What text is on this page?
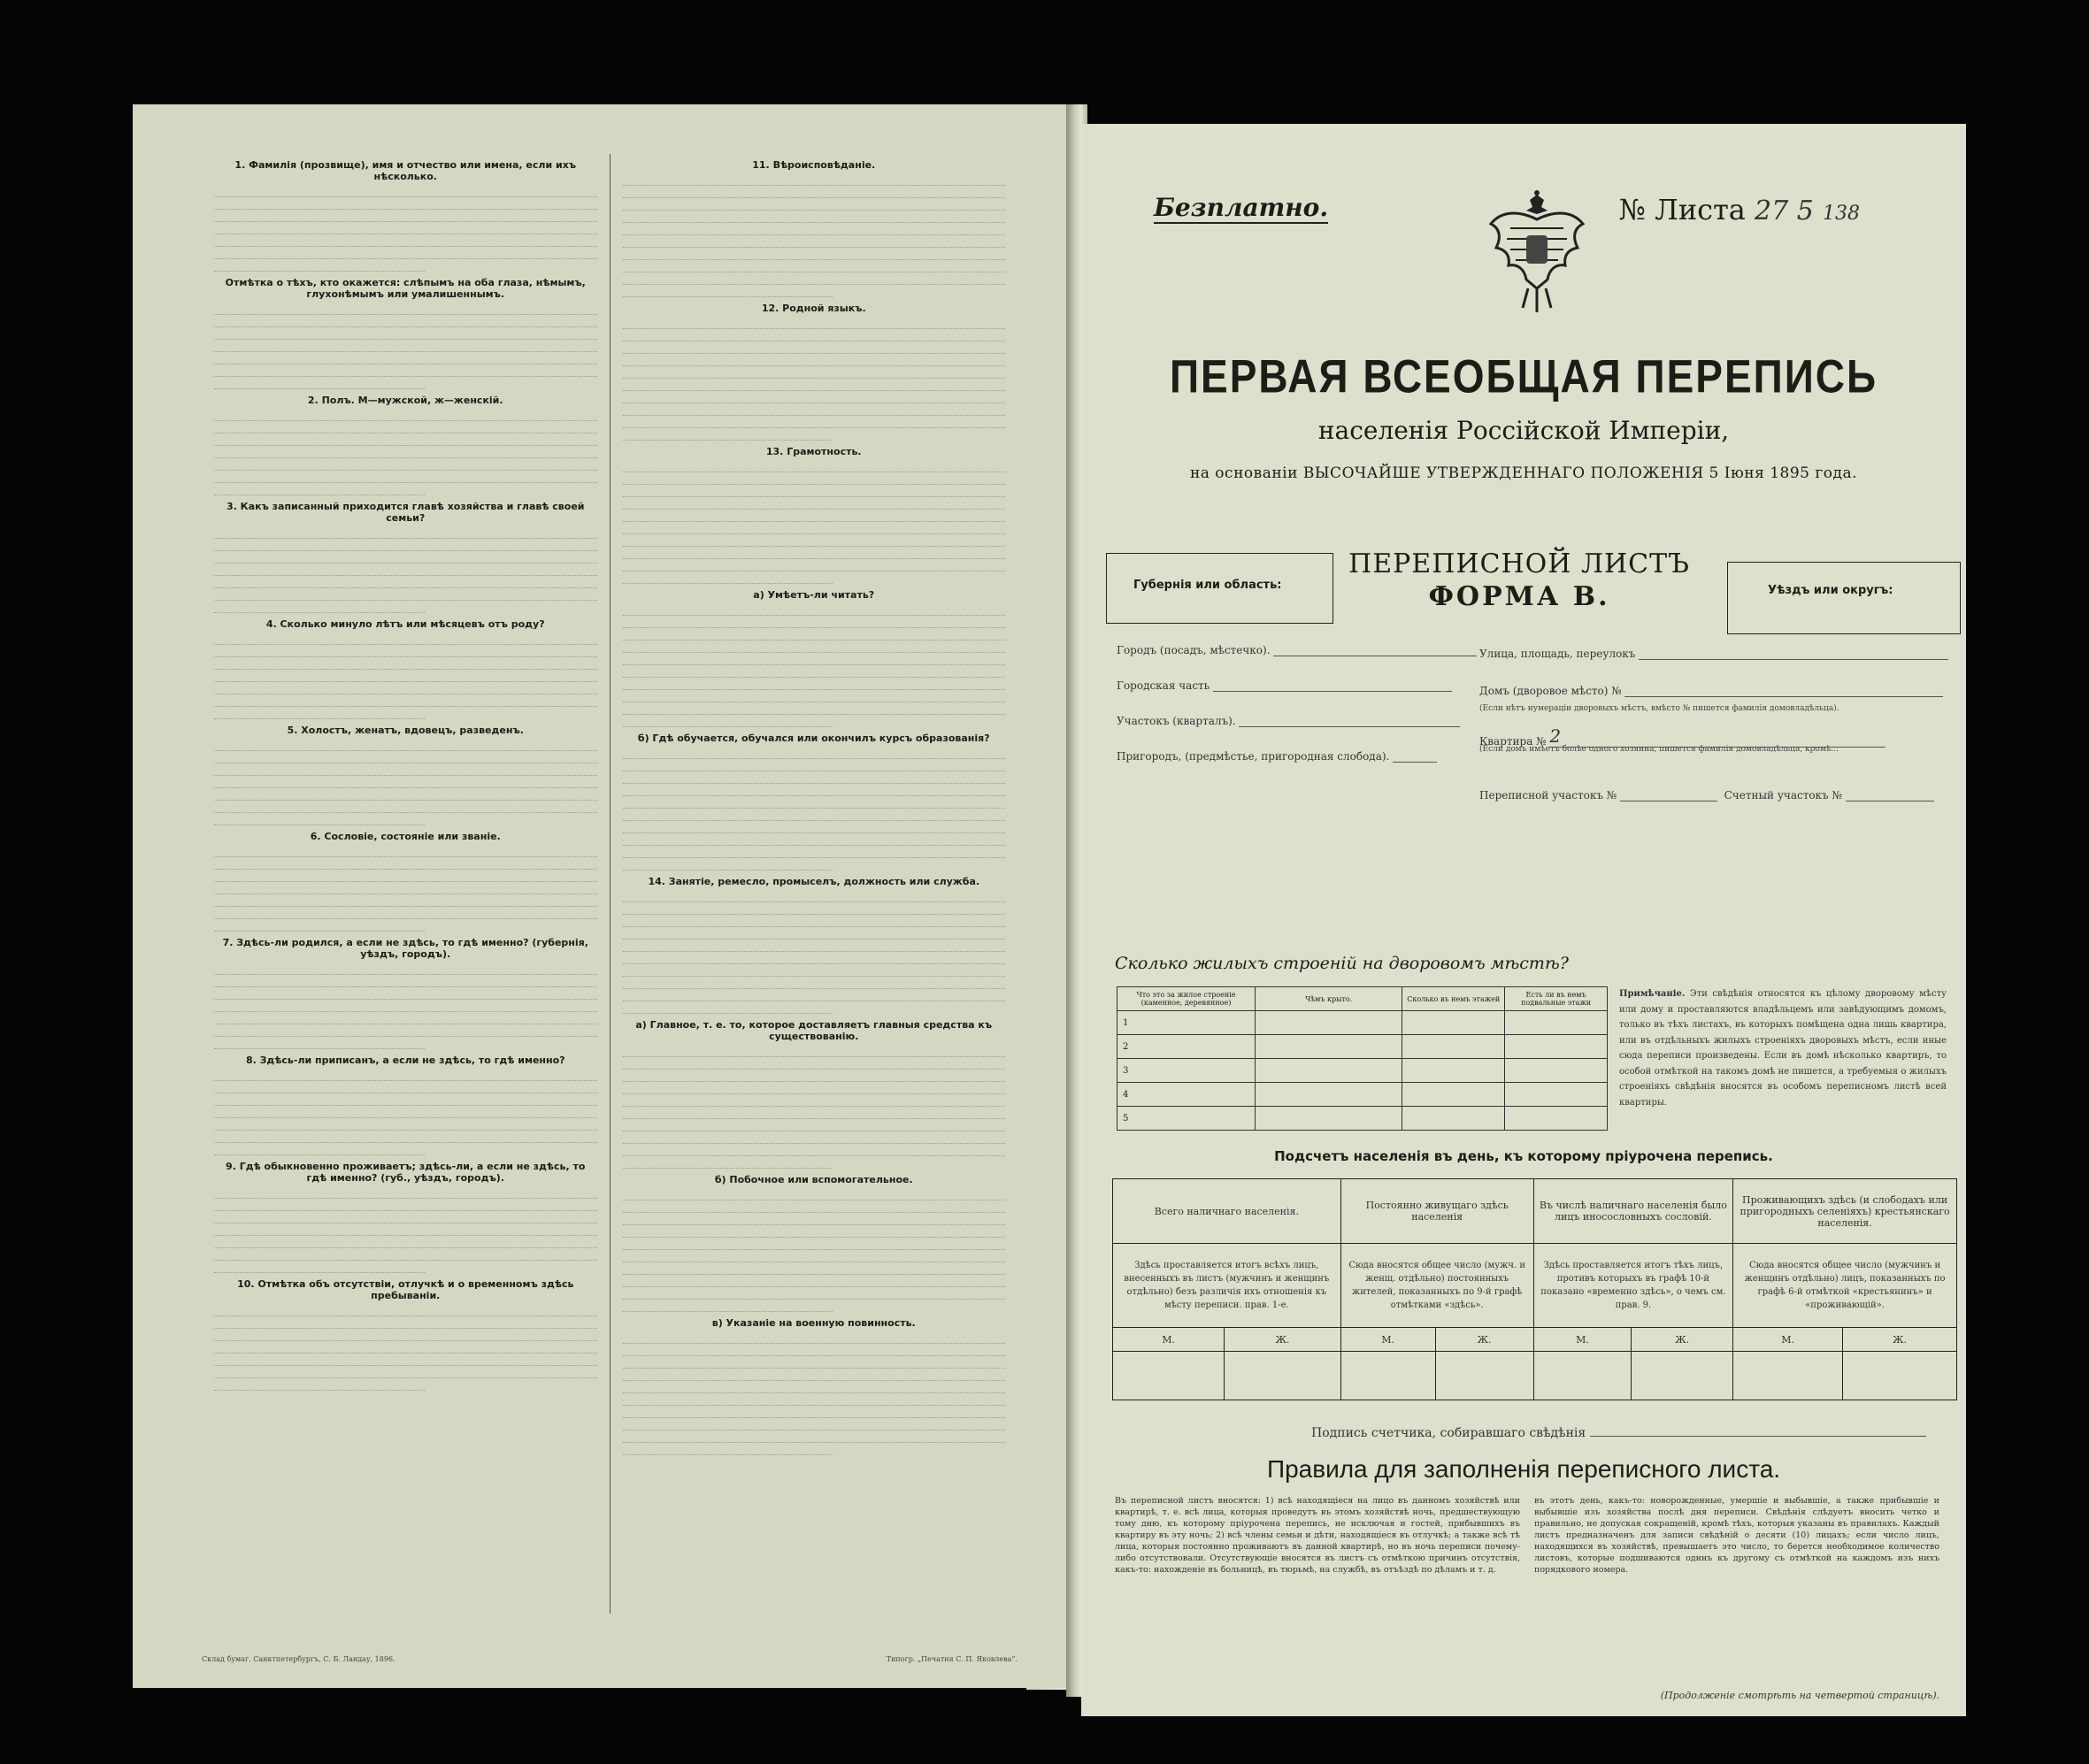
1. Фамилія (прозвище), имя и отчество или имена, если ихъ нѣсколько.
Отмѣтка о тѣхъ, кто окажется: слѣпымъ на оба глаза, нѣмымъ, глухонѣмымъ или умалишеннымъ.
2. Полъ. М—мужской, ж—женскій.
3. Какъ записанный приходится главѣ хозяйства и главѣ своей семьи?
4. Сколько минуло лѣтъ или мѣсяцевъ отъ роду?
5. Холостъ, женатъ, вдовецъ, разведенъ.
6. Сословіе, состояніе или званіе.
7. Здѣсь-ли родился, а если не здѣсь, то гдѣ именно? (губернія, уѣздъ, городъ).
8. Здѣсь-ли приписанъ, а если не здѣсь, то гдѣ именно?
9. Гдѣ обыкновенно проживаетъ; здѣсь-ли, а если не здѣсь, то гдѣ именно? (губ., уѣздъ, городъ).
10. Отмѣтка объ отсутствіи, отлучкѣ и о временномъ здѣсь пребываніи.
11. Вѣроисповѣданіе.
12. Родной языкъ.
13. Грамотность.
а) Умѣетъ-ли читать?
б) Гдѣ обучается, обучался или окончилъ курсъ образованія?
14. Занятіе, ремесло, промыселъ, должность или служба.
а) Главное, т. е. то, которое доставляетъ главныя средства къ существованію.
б) Побочное или вспомогательное.
в) Указаніе на военную повинность.
Склад бумаг. Санктпетербургъ, С. Б. Ландау, 1896.	Типогр. „Печатня С. П. Яковлева“.
Безплатно.	№ Листа 27 5 138
ПЕРВАЯ ВСЕОБЩАЯ ПЕРЕПИСЬ
населенія Россійской Имперіи,
на основаніи ВЫСОЧАЙШЕ УТВЕРЖДЕННАГО ПОЛОЖЕНІЯ 5 Іюня 1895 года.
Губернія или область:
ПЕРЕПИСНОЙ ЛИСТЪ
ФОРМА В.	Уѣздъ или округъ:
Городъ (посадъ, мѣстечко).
Городская часть
Участокъ (кварталъ).
Пригородъ, (предмѣстье, пригородная слобода).
Улица, площадь, переулокъ
Домъ (дворовое мѣсто) №
(Если нѣтъ нумераціи дворовыхъ мѣстъ, вмѣсто № пишется фамилія домовладѣльца).
Квартира № 2
(Если домъ имѣетъ болѣе одного хозяина, пишется фамилія домовладѣльца, кромѣ...
Переписной участокъ №	Счетный участокъ №
Сколько жилыхъ строеній на дворовомъ мѣстѣ?
Что это за жилое строеніе (каменное, деревянное)	Чѣмъ крыто.	Сколько въ немъ этажей	Есть ли въ немъ подвальные этажи
1			
2			
3			
4			
5			
Примѣчаніе. Эти свѣдѣнія относятся къ цѣлому дворовому мѣсту или дому и проставляются владѣльцемъ или завѣдующимъ домомъ, только въ тѣхъ листахъ, въ которыхъ помѣщена одна лишь квартира, или въ отдѣльныхъ жилыхъ строеніяхъ дворовыхъ мѣстъ, если иные сюда переписи произведены. Если въ домѣ нѣсколько квартиръ, то особой отмѣткой на такомъ домѣ не пишется, а требуемыя о жилыхъ строеніяхъ свѣдѣнія вносятся въ особомъ переписномъ листѣ всей квартиры.
Подсчетъ населенія въ день, къ которому пріурочена перепись.
Всего наличнаго населенія.		Постоянно живущаго здѣсь населенія		Въ числѣ наличнаго населенія было лицъ иносословныхъ сословій.		Проживающихъ здѣсь (и слободахъ или пригородныхъ селеніяхъ) крестьянскаго населенія.	
Здѣсь проставляется итогъ всѣхъ лицъ, внесенныхъ въ листъ (мужчинъ и женщинъ отдѣльно) безъ различія ихъ отношенія къ мѣсту переписи. прав. 1-е.		Сюда вносятся общее число (мужч. и женщ. отдѣльно) постоянныхъ жителей, показанныхъ по 9-й графѣ отмѣтками «здѣсь».		Здѣсь проставляется итогъ тѣхъ лицъ, противъ которыхъ въ графѣ 10-й показано «временно здѣсь», о чемъ см. прав. 9.		Сюда вносятся общее число (мужчинъ и женщинъ отдѣльно) лицъ, показанныхъ по графѣ 6-й отмѣткой «крестьянинъ» и «проживающій».	
М.	Ж.	М.	Ж.	М.	Ж.	М.	Ж.

Подпись счетчика, собиравшаго свѣдѣнія
Правила для заполненія переписного листа.
Въ переписной листъ вносятся: 1) всѣ находящіеся на лицо въ данномъ хозяйствѣ или квартирѣ, т. е. всѣ лица, которыя проведутъ въ этомъ хозяйствѣ ночь, предшествующую тому дню, къ которому пріурочена перепись, не исключая и гостей, прибывшихъ въ квартиру въ эту ночь; 2) всѣ члены семьи и дѣти, находящіеся въ отлучкѣ; а также всѣ тѣ лица, которыя постоянно проживаютъ въ данной квартирѣ, но въ ночь переписи почему-либо отсутствовали. Отсутствующіе вносятся въ листъ съ отмѣткою причинъ отсутствія, какъ-то: нахожденіе въ больницѣ, въ тюрьмѣ, на службѣ, въ отъѣздѣ по дѣламъ и т. д.
въ этотъ день, какъ-то: новорожденные, умершіе и выбывшіе, а также прибывшіе и выбывшіе изъ хозяйства послѣ дня переписи. Свѣдѣнія слѣдуетъ вносить четко и правильно, не допуская сокращеній, кромѣ тѣхъ, которыя указаны въ правилахъ. Каждый листъ предназначенъ для записи свѣдѣній о десяти (10) лицахъ; если число лицъ, находящихся въ хозяйствѣ, превышаетъ это число, то берется необходимое количество листовъ, которые подшиваются одинъ къ другому съ отмѣткой на каждомъ изъ нихъ порядкового номера.
(Продолженіе смотрѣть на четвертой страницѣ).
